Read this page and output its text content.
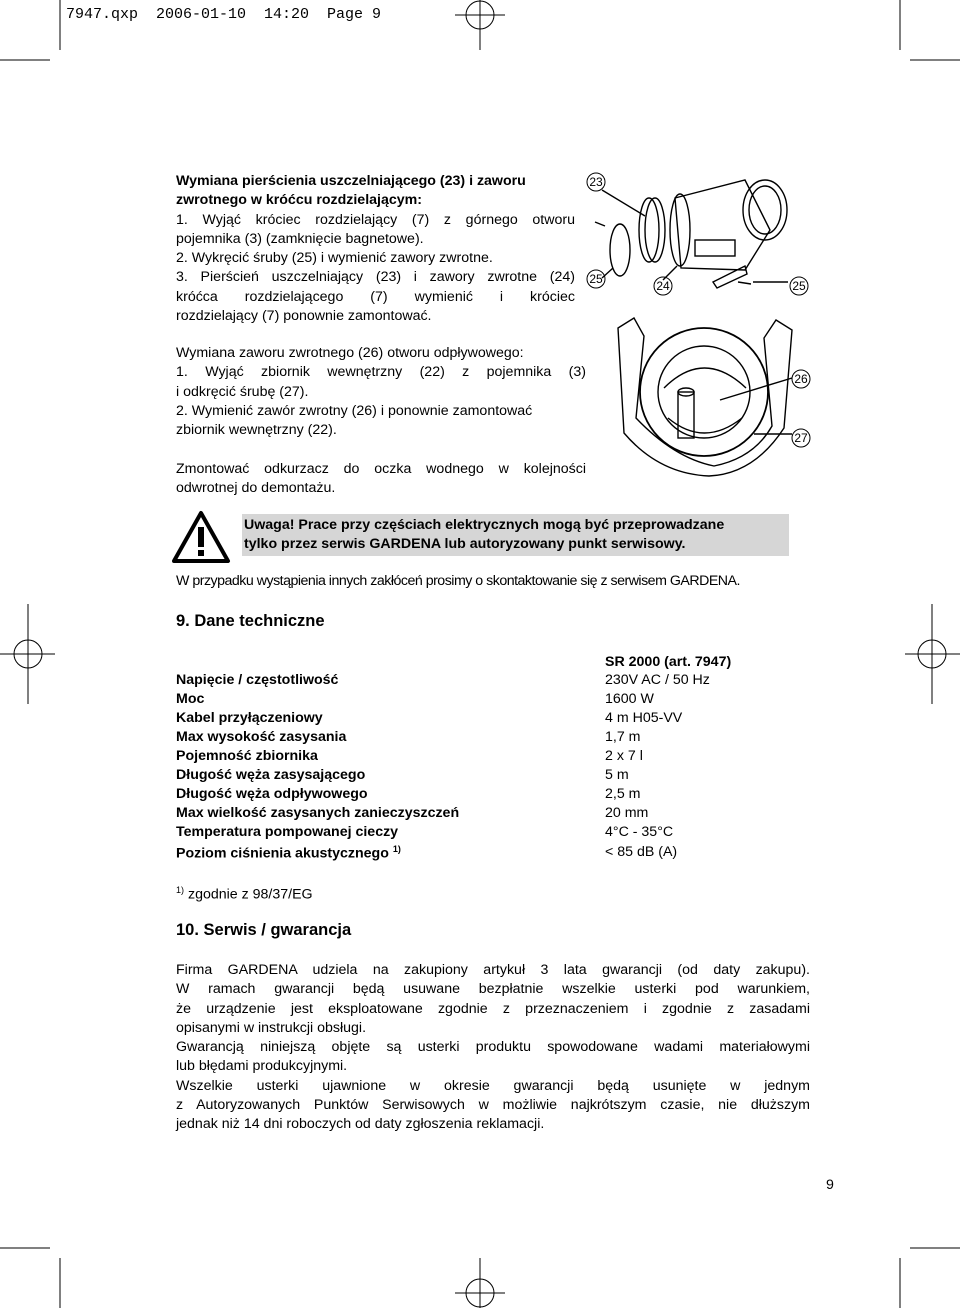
7947.qxp  2006-01-10  14:20  Page 9
Wymiana pierścienia uszczelniającego (23) i zaworu
zwrotnego w króćcu rozdzielającym:
1. Wyjąć króciec rozdzielający (7) z górnego otworu
pojemnika (3) (zamknięcie bagnetowe).
2. Wykręcić śruby (25) i wymienić zawory zwrotne.
3. Pierścień uszczelniający (23) i zawory zwrotne (24)
króćca rozdzielającego (7) wymienić i króciec
rozdzielający (7) ponownie zamontować.
Wymiana zaworu zwrotnego (26) otworu odpływowego:
1. Wyjąć zbiornik wewnętrzny (22) z pojemnika (3)
i odkręcić śrubę (27).
2. Wymienić zawór zwrotny (26) i ponownie zamontować
zbiornik wewnętrzny (22).
Zmontować odkurzacz do oczka wodnego w kolejności
odwrotnej do demontażu.
23
25	24	25
26
27
Uwaga! Prace przy częściach elektrycznych mogą być przeprowadzane
tylko przez serwis GARDENA lub autoryzowany punkt serwisowy.
W przypadku wystąpienia innych zakłóceń prosimy o skontaktowanie się z serwisem GARDENA.
9. Dane techniczne
SR 2000 (art. 7947)
Napięcie / częstotliwość	230V AC / 50 Hz
Moc	1600 W
Kabel przyłączeniowy	4 m H05-VV
Max wysokość zasysania	1,7 m
Pojemność zbiornika	2 x 7 l
Długość węża zasysającego	5 m
Długość węża odpływowego	2,5 m
Max wielkość zasysanych zanieczyszczeń	20 mm
Temperatura pompowanej cieczy	4°C - 35°C
Poziom ciśnienia akustycznego $^{1)}$	< 85 dB (A)
$^{1)}$ zgodnie z 98/37/EG
10. Serwis / gwarancja
Firma GARDENA udziela na zakupiony artykuł 3 lata gwarancji (od daty zakupu).
W ramach gwarancji będą usuwane bezpłatnie wszelkie usterki pod warunkiem,
że urządzenie jest eksploatowane zgodnie z przeznaczeniem i zgodnie z zasadami
opisanymi w instrukcji obsługi.
Gwarancją niniejszą objęte są usterki produktu spowodowane wadami materiałowymi
lub błędami produkcyjnymi.
Wszelkie usterki ujawnione w okresie gwarancji będą usunięte w jednym
z Autoryzowanych Punktów Serwisowych w możliwie najkrótszym czasie, nie dłuższym
jednak niż 14 dni roboczych od daty zgłoszenia reklamacji.
9
